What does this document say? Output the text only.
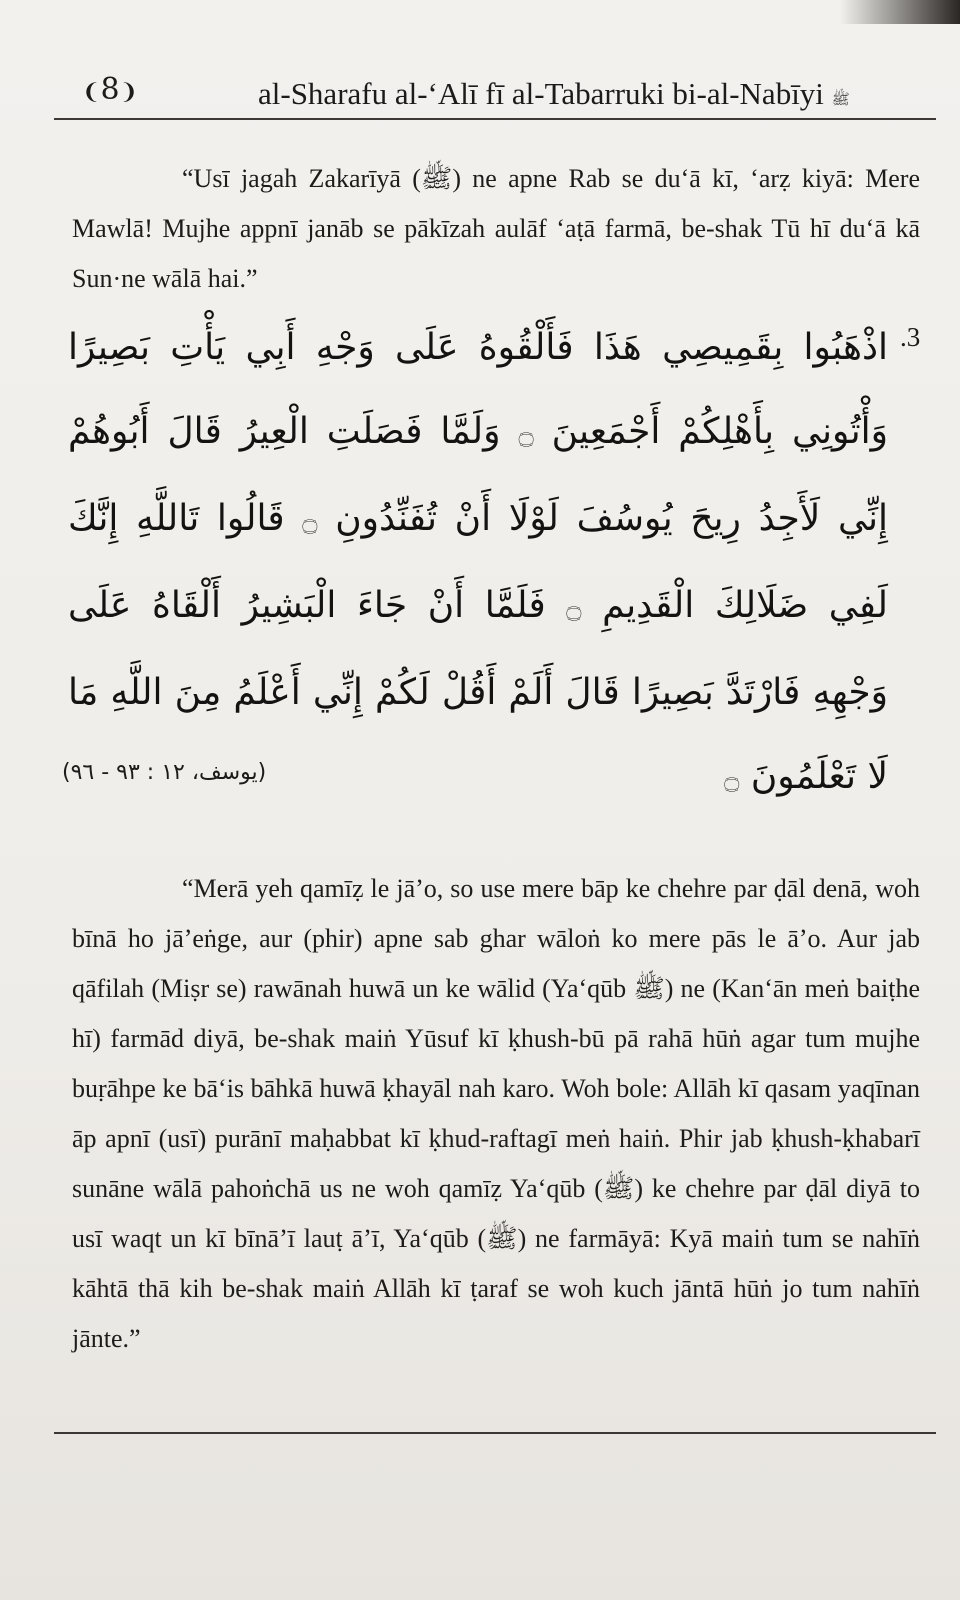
❨8❩	al-Sharafu al-‘Alī fī al-Tabarruki bi-al-Nabīyi ﷺ

“Usī jagah Zakarīyā (ﷺ) ne apne Rab se du‘ā kī, ‘arẓ kiyā: Mere Mawlā! Mujhe appnī janāb se pākīzah aulāf ‘aṭā farmā, be-shak Tū hī du‘ā kā Sun·ne wālā hai.”

.3
اذْهَبُوا بِقَمِيصِي هَذَا فَأَلْقُوهُ عَلَى وَجْهِ أَبِي يَأْتِ بَصِيرًا وَأْتُونِي بِأَهْلِكُمْ أَجْمَعِينَ ۝ وَلَمَّا فَصَلَتِ الْعِيرُ قَالَ أَبُوهُمْ إِنِّي لَأَجِدُ رِيحَ يُوسُفَ لَوْلَا أَنْ تُفَنِّدُونِ ۝ قَالُوا تَاللَّهِ إِنَّكَ لَفِي ضَلَالِكَ الْقَدِيمِ ۝ فَلَمَّا أَنْ جَاءَ الْبَشِيرُ أَلْقَاهُ عَلَى وَجْهِهِ فَارْتَدَّ بَصِيرًا قَالَ أَلَمْ أَقُلْ لَكُمْ إِنِّي أَعْلَمُ مِنَ اللَّهِ مَا لَا تَعْلَمُونَ ۝
(يوسف، ١٢ : ٩٣ - ٩٦)

“Merā yeh qamīẓ le jā’o, so use mere bāp ke chehre par ḍāl denā, woh bīnā ho jā’eṅge, aur (phir) apne sab ghar wāloṅ ko mere pās le ā’o. Aur jab qāfilah (Miṣr se) rawānah huwā un ke wālid (Ya‘qūb ﷺ) ne (Kan‘ān meṅ baiṭhe hī) farmād diyā, be-shak maiṅ Yūsuf kī ḳhush-bū pā rahā hūṅ agar tum mujhe buṛāhpe ke bā‘is bāhkā huwā ḳhayāl nah karo. Woh bole: Allāh kī qasam yaqīnan āp apnī (usī) purānī maḥabbat kī ḳhud-raftagī meṅ haiṅ. Phir jab ḳhush-ḳhabarī sunāne wālā pahoṅchā us ne woh qamīẓ Ya‘qūb (ﷺ) ke chehre par ḍāl diyā to usī waqt un kī bīnā’ī lauṭ ā’ī, Ya‘qūb (ﷺ) ne farmāyā: Kyā maiṅ tum se nahīṅ kāhtā thā kih be-shak maiṅ Allāh kī ṭaraf se woh kuch jāntā hūṅ jo tum nahīṅ jānte.”
